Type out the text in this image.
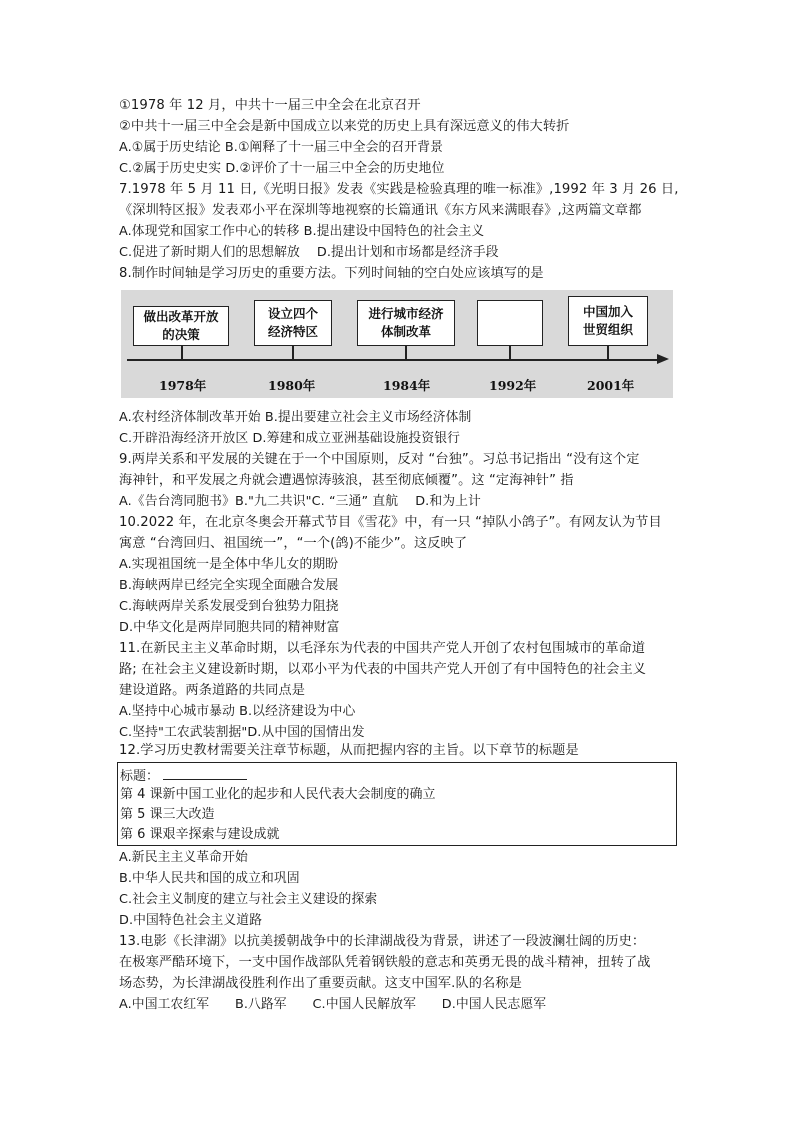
①1978 年 12 月，中共十一届三中全会在北京召开
②中共十一届三中全会是新中国成立以来党的历史上具有深远意义的伟大转折
A.①属于历史结论 B.①阐释了十一届三中全会的召开背景
C.②属于历史史实 D.②评价了十一届三中全会的历史地位
7.1978 年 5 月 11 日,《光明日报》发表《实践是检验真理的唯一标准》,1992 年 3 月 26 日,
《深圳特区报》发表邓小平在深圳等地视察的长篇通讯《东方风来满眼春》,这两篇文章都
A.体现党和国家工作中心的转移 B.提出建设中国特色的社会主义
C.促进了新时期人们的思想解放　 D.提出计划和市场都是经济手段
8.制作时间轴是学习历史的重要方法。下列时间轴的空白处应该填写的是
做出改革开放
的决策
设立四个
经济特区
进行城市经济
体制改革
中国加入
世贸组织
1978年	1980年	1984年	1992年	2001年
A.农村经济体制改革开始 B.提出要建立社会主义市场经济体制
C.开辟沿海经济开放区 D.筹建和成立亚洲基础设施投资银行
9.两岸关系和平发展的关键在于一个中国原则，反对 “台独”。习总书记指出 “没有这个定
海神针，和平发展之舟就会遭遇惊涛骇浪，甚至彻底倾覆”。这 “定海神针” 指
A.《告台湾同胞书》B."九二共识"C. “三通” 直航　 D.和为上计
10.2022 年，在北京冬奥会开幕式节目《雪花》中，有一只 “掉队小鸽子”。有网友认为节目
寓意 “台湾回归、祖国统一”，“一个(鸽)不能少”。这反映了
A.实现祖国统一是全体中华儿女的期盼
B.海峡两岸已经完全实现全面融合发展
C.海峡两岸关系发展受到台独势力阻挠
D.中华文化是两岸同胞共同的精神财富
11.在新民主主义革命时期，以毛泽东为代表的中国共产党人开创了农村包围城市的革命道
路; 在社会主义建设新时期，以邓小平为代表的中国共产党人开创了有中国特色的社会主义
建设道路。两条道路的共同点是
A.坚持中心城市暴动 B.以经济建设为中心
C.坚持"工农武装割据"D.从中国的国情出发
12.学习历史教材需要关注章节标题，从而把握内容的主旨。以下章节的标题是
标题：
第 4 课新中国工业化的起步和人民代表大会制度的确立
第 5 课三大改造
第 6 课艰辛探索与建设成就
A.新民主主义革命开始
B.中华人民共和国的成立和巩固
C.社会主义制度的建立与社会主义建设的探索
D.中国特色社会主义道路
13.电影《长津湖》以抗美援朝战争中的长津湖战役为背景，讲述了一段波澜壮阔的历史：
在极寒严酷环境下，一支中国作战部队凭着钢铁般的意志和英勇无畏的战斗精神，扭转了战
场态势，为长津湖战役胜利作出了重要贡献。这支中国军.队的名称是
A.中国工农红军　　B.八路军　　C.中国人民解放军　　D.中国人民志愿军
